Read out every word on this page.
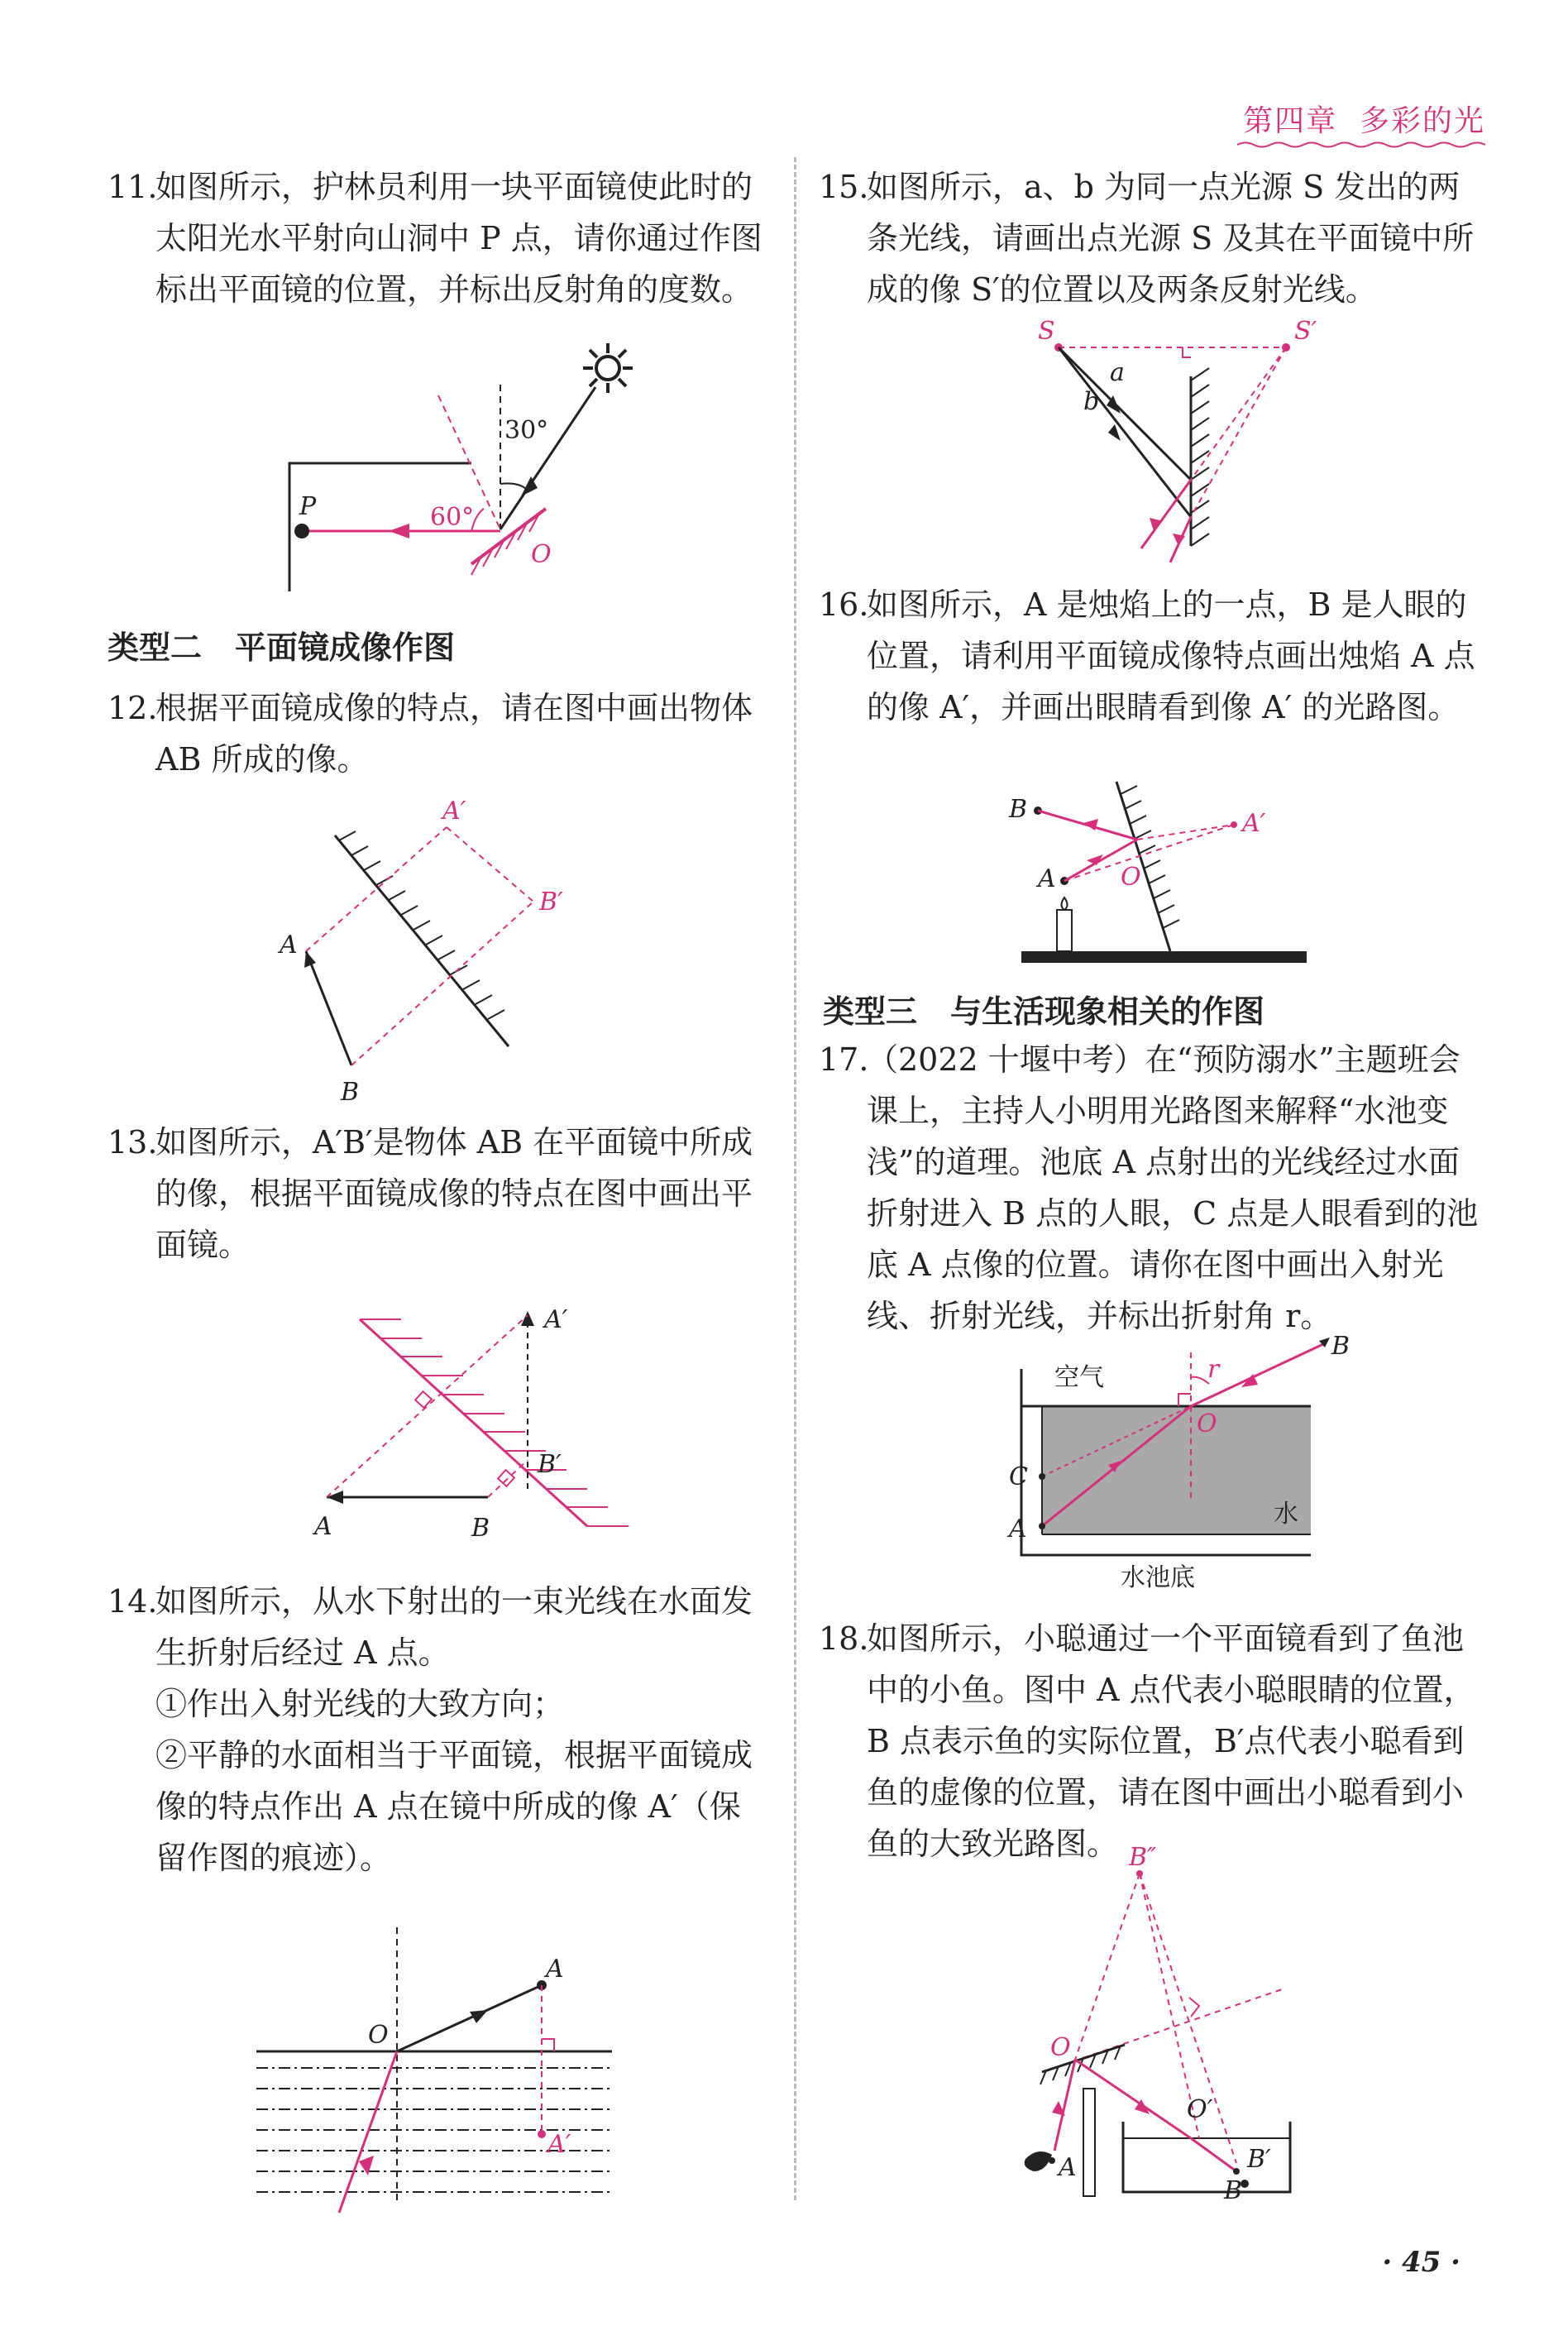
第四章 多彩的光
11.
如图所示，护林员利用一块平面镜使此时的太阳光水平射向山洞中 P 点，请你通过作图标出平面镜的位置，并标出反射角的度数。
30°
60°
P
O
类型二 平面镜成像作图
12.
根据平面镜成像的特点，请在图中画出物体 AB 所成的像。
A
B
A′
B′
13.
如图所示，A′B′是物体 AB 在平面镜中所成的像，根据平面镜成像的特点在图中画出平面镜。
A	B
A′
B′
14.
如图所示，从水下射出的一束光线在水面发生折射后经过 A 点。
①作出入射光线的大致方向；
②平静的水面相当于平面镜，根据平面镜成像的特点作出 A 点在镜中所成的像 A′（保留作图的痕迹）。
A
O
A′
15.
如图所示，a、b 为同一点光源 S 发出的两条光线，请画出点光源 S 及其在平面镜中所成的像 S′的位置以及两条反射光线。
S	S′
a
b
16.
如图所示，A 是烛焰上的一点，B 是人眼的位置，请利用平面镜成像特点画出烛焰 A 点的像 A′，并画出眼睛看到像 A′ 的光路图。
B
A
A′
O
类型三 与生活现象相关的作图
17.
（2022 十堰中考）在“预防溺水”主题班会课上，主持人小明用光路图来解释“水池变浅”的道理。池底 A 点射出的光线经过水面折射进入 B 点的人眼，C 点是人眼看到的池底 A 点像的位置。请你在图中画出入射光线、折射光线，并标出折射角 r。
空气
水
水池底
B
C
A
O
r
18.
如图所示，小聪通过一个平面镜看到了鱼池中的小鱼。图中 A 点代表小聪眼睛的位置，B 点表示鱼的实际位置，B′点代表小聪看到鱼的虚像的位置，请在图中画出小聪看到小鱼的大致光路图。 B″
O
O′
A	B′
B
· 45 ·
